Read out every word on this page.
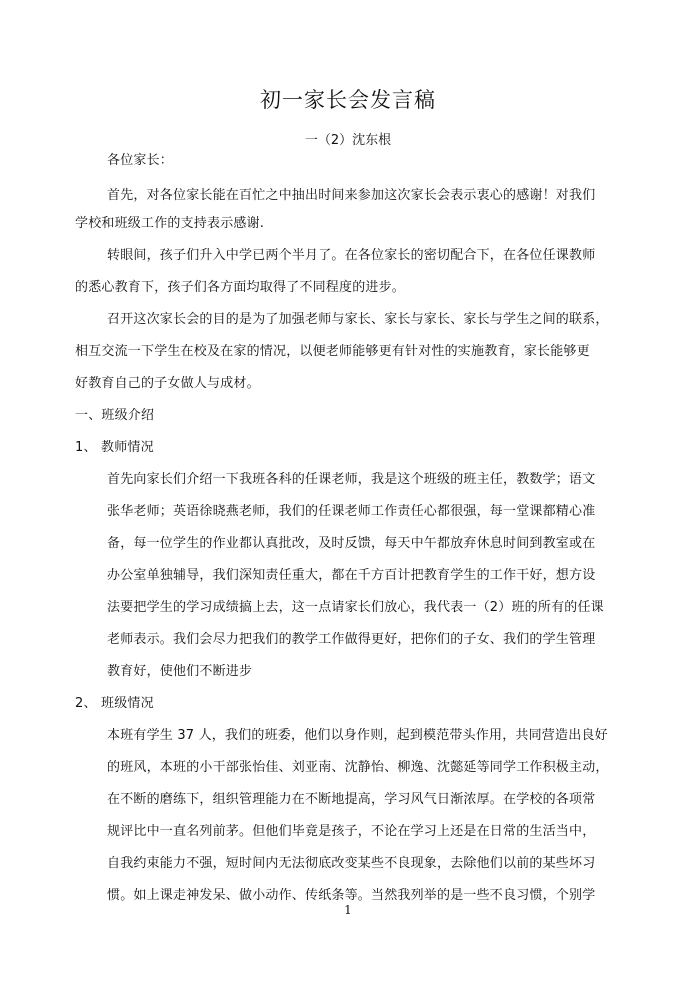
初一家长会发言稿
一（2）沈东根
各位家长：
首先，对各位家长能在百忙之中抽出时间来参加这次家长会表示衷心的感谢！对我们
学校和班级工作的支持表示感谢.
转眼间，孩子们升入中学已两个半月了。在各位家长的密切配合下，在各位任课教师
的悉心教育下，孩子们各方面均取得了不同程度的进步。
召开这次家长会的目的是为了加强老师与家长、家长与家长、家长与学生之间的联系，
相互交流一下学生在校及在家的情况，以便老师能够更有针对性的实施教育，家长能够更
好教育自己的子女做人与成材。
一、班级介绍
1、 教师情况
首先向家长们介绍一下我班各科的任课老师，我是这个班级的班主任，教数学；语文
张华老师；英语徐晓燕老师，我们的任课老师工作责任心都很强，每一堂课都精心准
备，每一位学生的作业都认真批改，及时反馈，每天中午都放弃休息时间到教室或在
办公室单独辅导，我们深知责任重大，都在千方百计把教育学生的工作干好，想方设
法要把学生的学习成绩搞上去，这一点请家长们放心，我代表一（2）班的所有的任课
老师表示。我们会尽力把我们的教学工作做得更好，把你们的子女、我们的学生管理
教育好，使他们不断进步
2、 班级情况
本班有学生 37 人，我们的班委，他们以身作则，起到模范带头作用，共同营造出良好
的班风，本班的小干部张怡佳、刘亚南、沈静怡、柳逸、沈懿延等同学工作积极主动，
在不断的磨练下，组织管理能力在不断地提高，学习风气日渐浓厚。在学校的各项常
规评比中一直名列前茅。但他们毕竟是孩子，不论在学习上还是在日常的生活当中，
自我约束能力不强，短时间内无法彻底改变某些不良现象，去除他们以前的某些坏习
惯。如上课走神发呆、做小动作、传纸条等。当然我列举的是一些不良习惯，个别学
1
